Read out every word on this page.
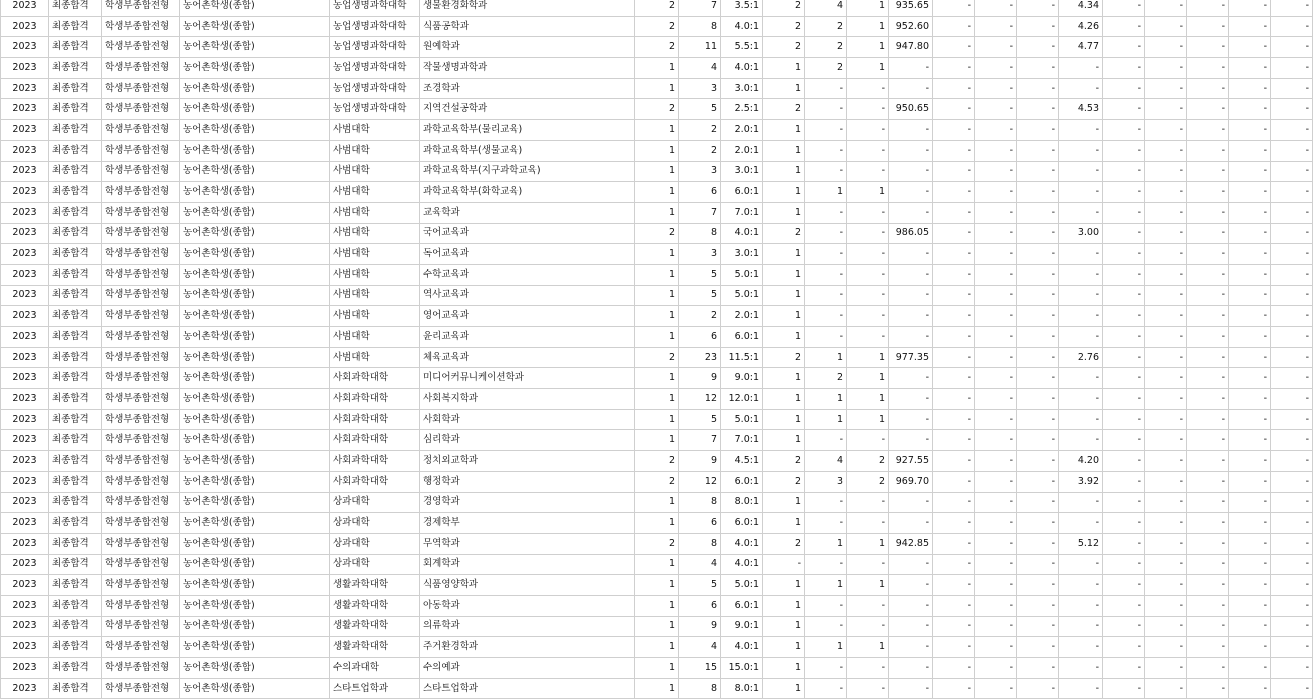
2023	최종합격	학생부종합전형	농어촌학생(종합)	농업생명과학대학	생물환경화학과	2	7	3.5:1	2	4	1	935.65	-	-	-	4.34	-	-	-	-	-
2023	최종합격	학생부종합전형	농어촌학생(종합)	농업생명과학대학	식품공학과	2	8	4.0:1	2	2	1	952.60	-	-	-	4.26	-	-	-	-	-
2023	최종합격	학생부종합전형	농어촌학생(종합)	농업생명과학대학	원예학과	2	11	5.5:1	2	2	1	947.80	-	-	-	4.77	-	-	-	-	-
2023	최종합격	학생부종합전형	농어촌학생(종합)	농업생명과학대학	작물생명과학과	1	4	4.0:1	1	2	1	-	-	-	-	-	-	-	-	-	-
2023	최종합격	학생부종합전형	농어촌학생(종합)	농업생명과학대학	조경학과	1	3	3.0:1	1	-	-	-	-	-	-	-	-	-	-	-	-
2023	최종합격	학생부종합전형	농어촌학생(종합)	농업생명과학대학	지역건설공학과	2	5	2.5:1	2	-	-	950.65	-	-	-	4.53	-	-	-	-	-
2023	최종합격	학생부종합전형	농어촌학생(종합)	사범대학	과학교육학부(물리교육)	1	2	2.0:1	1	-	-	-	-	-	-	-	-	-	-	-	-
2023	최종합격	학생부종합전형	농어촌학생(종합)	사범대학	과학교육학부(생물교육)	1	2	2.0:1	1	-	-	-	-	-	-	-	-	-	-	-	-
2023	최종합격	학생부종합전형	농어촌학생(종합)	사범대학	과학교육학부(지구과학교육)	1	3	3.0:1	1	-	-	-	-	-	-	-	-	-	-	-	-
2023	최종합격	학생부종합전형	농어촌학생(종합)	사범대학	과학교육학부(화학교육)	1	6	6.0:1	1	1	1	-	-	-	-	-	-	-	-	-	-
2023	최종합격	학생부종합전형	농어촌학생(종합)	사범대학	교육학과	1	7	7.0:1	1	-	-	-	-	-	-	-	-	-	-	-	-
2023	최종합격	학생부종합전형	농어촌학생(종합)	사범대학	국어교육과	2	8	4.0:1	2	-	-	986.05	-	-	-	3.00	-	-	-	-	-
2023	최종합격	학생부종합전형	농어촌학생(종합)	사범대학	독어교육과	1	3	3.0:1	1	-	-	-	-	-	-	-	-	-	-	-	-
2023	최종합격	학생부종합전형	농어촌학생(종합)	사범대학	수학교육과	1	5	5.0:1	1	-	-	-	-	-	-	-	-	-	-	-	-
2023	최종합격	학생부종합전형	농어촌학생(종합)	사범대학	역사교육과	1	5	5.0:1	1	-	-	-	-	-	-	-	-	-	-	-	-
2023	최종합격	학생부종합전형	농어촌학생(종합)	사범대학	영어교육과	1	2	2.0:1	1	-	-	-	-	-	-	-	-	-	-	-	-
2023	최종합격	학생부종합전형	농어촌학생(종합)	사범대학	윤리교육과	1	6	6.0:1	1	-	-	-	-	-	-	-	-	-	-	-	-
2023	최종합격	학생부종합전형	농어촌학생(종합)	사범대학	체육교육과	2	23	11.5:1	2	1	1	977.35	-	-	-	2.76	-	-	-	-	-
2023	최종합격	학생부종합전형	농어촌학생(종합)	사회과학대학	미디어커뮤니케이션학과	1	9	9.0:1	1	2	1	-	-	-	-	-	-	-	-	-	-
2023	최종합격	학생부종합전형	농어촌학생(종합)	사회과학대학	사회복지학과	1	12	12.0:1	1	1	1	-	-	-	-	-	-	-	-	-	-
2023	최종합격	학생부종합전형	농어촌학생(종합)	사회과학대학	사회학과	1	5	5.0:1	1	1	1	-	-	-	-	-	-	-	-	-	-
2023	최종합격	학생부종합전형	농어촌학생(종합)	사회과학대학	심리학과	1	7	7.0:1	1	-	-	-	-	-	-	-	-	-	-	-	-
2023	최종합격	학생부종합전형	농어촌학생(종합)	사회과학대학	정치외교학과	2	9	4.5:1	2	4	2	927.55	-	-	-	4.20	-	-	-	-	-
2023	최종합격	학생부종합전형	농어촌학생(종합)	사회과학대학	행정학과	2	12	6.0:1	2	3	2	969.70	-	-	-	3.92	-	-	-	-	-
2023	최종합격	학생부종합전형	농어촌학생(종합)	상과대학	경영학과	1	8	8.0:1	1	-	-	-	-	-	-	-	-	-	-	-	-
2023	최종합격	학생부종합전형	농어촌학생(종합)	상과대학	경제학부	1	6	6.0:1	1	-	-	-	-	-	-	-	-	-	-	-	-
2023	최종합격	학생부종합전형	농어촌학생(종합)	상과대학	무역학과	2	8	4.0:1	2	1	1	942.85	-	-	-	5.12	-	-	-	-	-
2023	최종합격	학생부종합전형	농어촌학생(종합)	상과대학	회계학과	1	4	4.0:1	-	-	-	-	-	-	-	-	-	-	-	-	-
2023	최종합격	학생부종합전형	농어촌학생(종합)	생활과학대학	식품영양학과	1	5	5.0:1	1	1	1	-	-	-	-	-	-	-	-	-	-
2023	최종합격	학생부종합전형	농어촌학생(종합)	생활과학대학	아동학과	1	6	6.0:1	1	-	-	-	-	-	-	-	-	-	-	-	-
2023	최종합격	학생부종합전형	농어촌학생(종합)	생활과학대학	의류학과	1	9	9.0:1	1	-	-	-	-	-	-	-	-	-	-	-	-
2023	최종합격	학생부종합전형	농어촌학생(종합)	생활과학대학	주거환경학과	1	4	4.0:1	1	1	1	-	-	-	-	-	-	-	-	-	-
2023	최종합격	학생부종합전형	농어촌학생(종합)	수의과대학	수의예과	1	15	15.0:1	1	-	-	-	-	-	-	-	-	-	-	-	-
2023	최종합격	학생부종합전형	농어촌학생(종합)	스타트업학과	스타트업학과	1	8	8.0:1	1	-	-	-	-	-	-	-	-	-	-	-	-
